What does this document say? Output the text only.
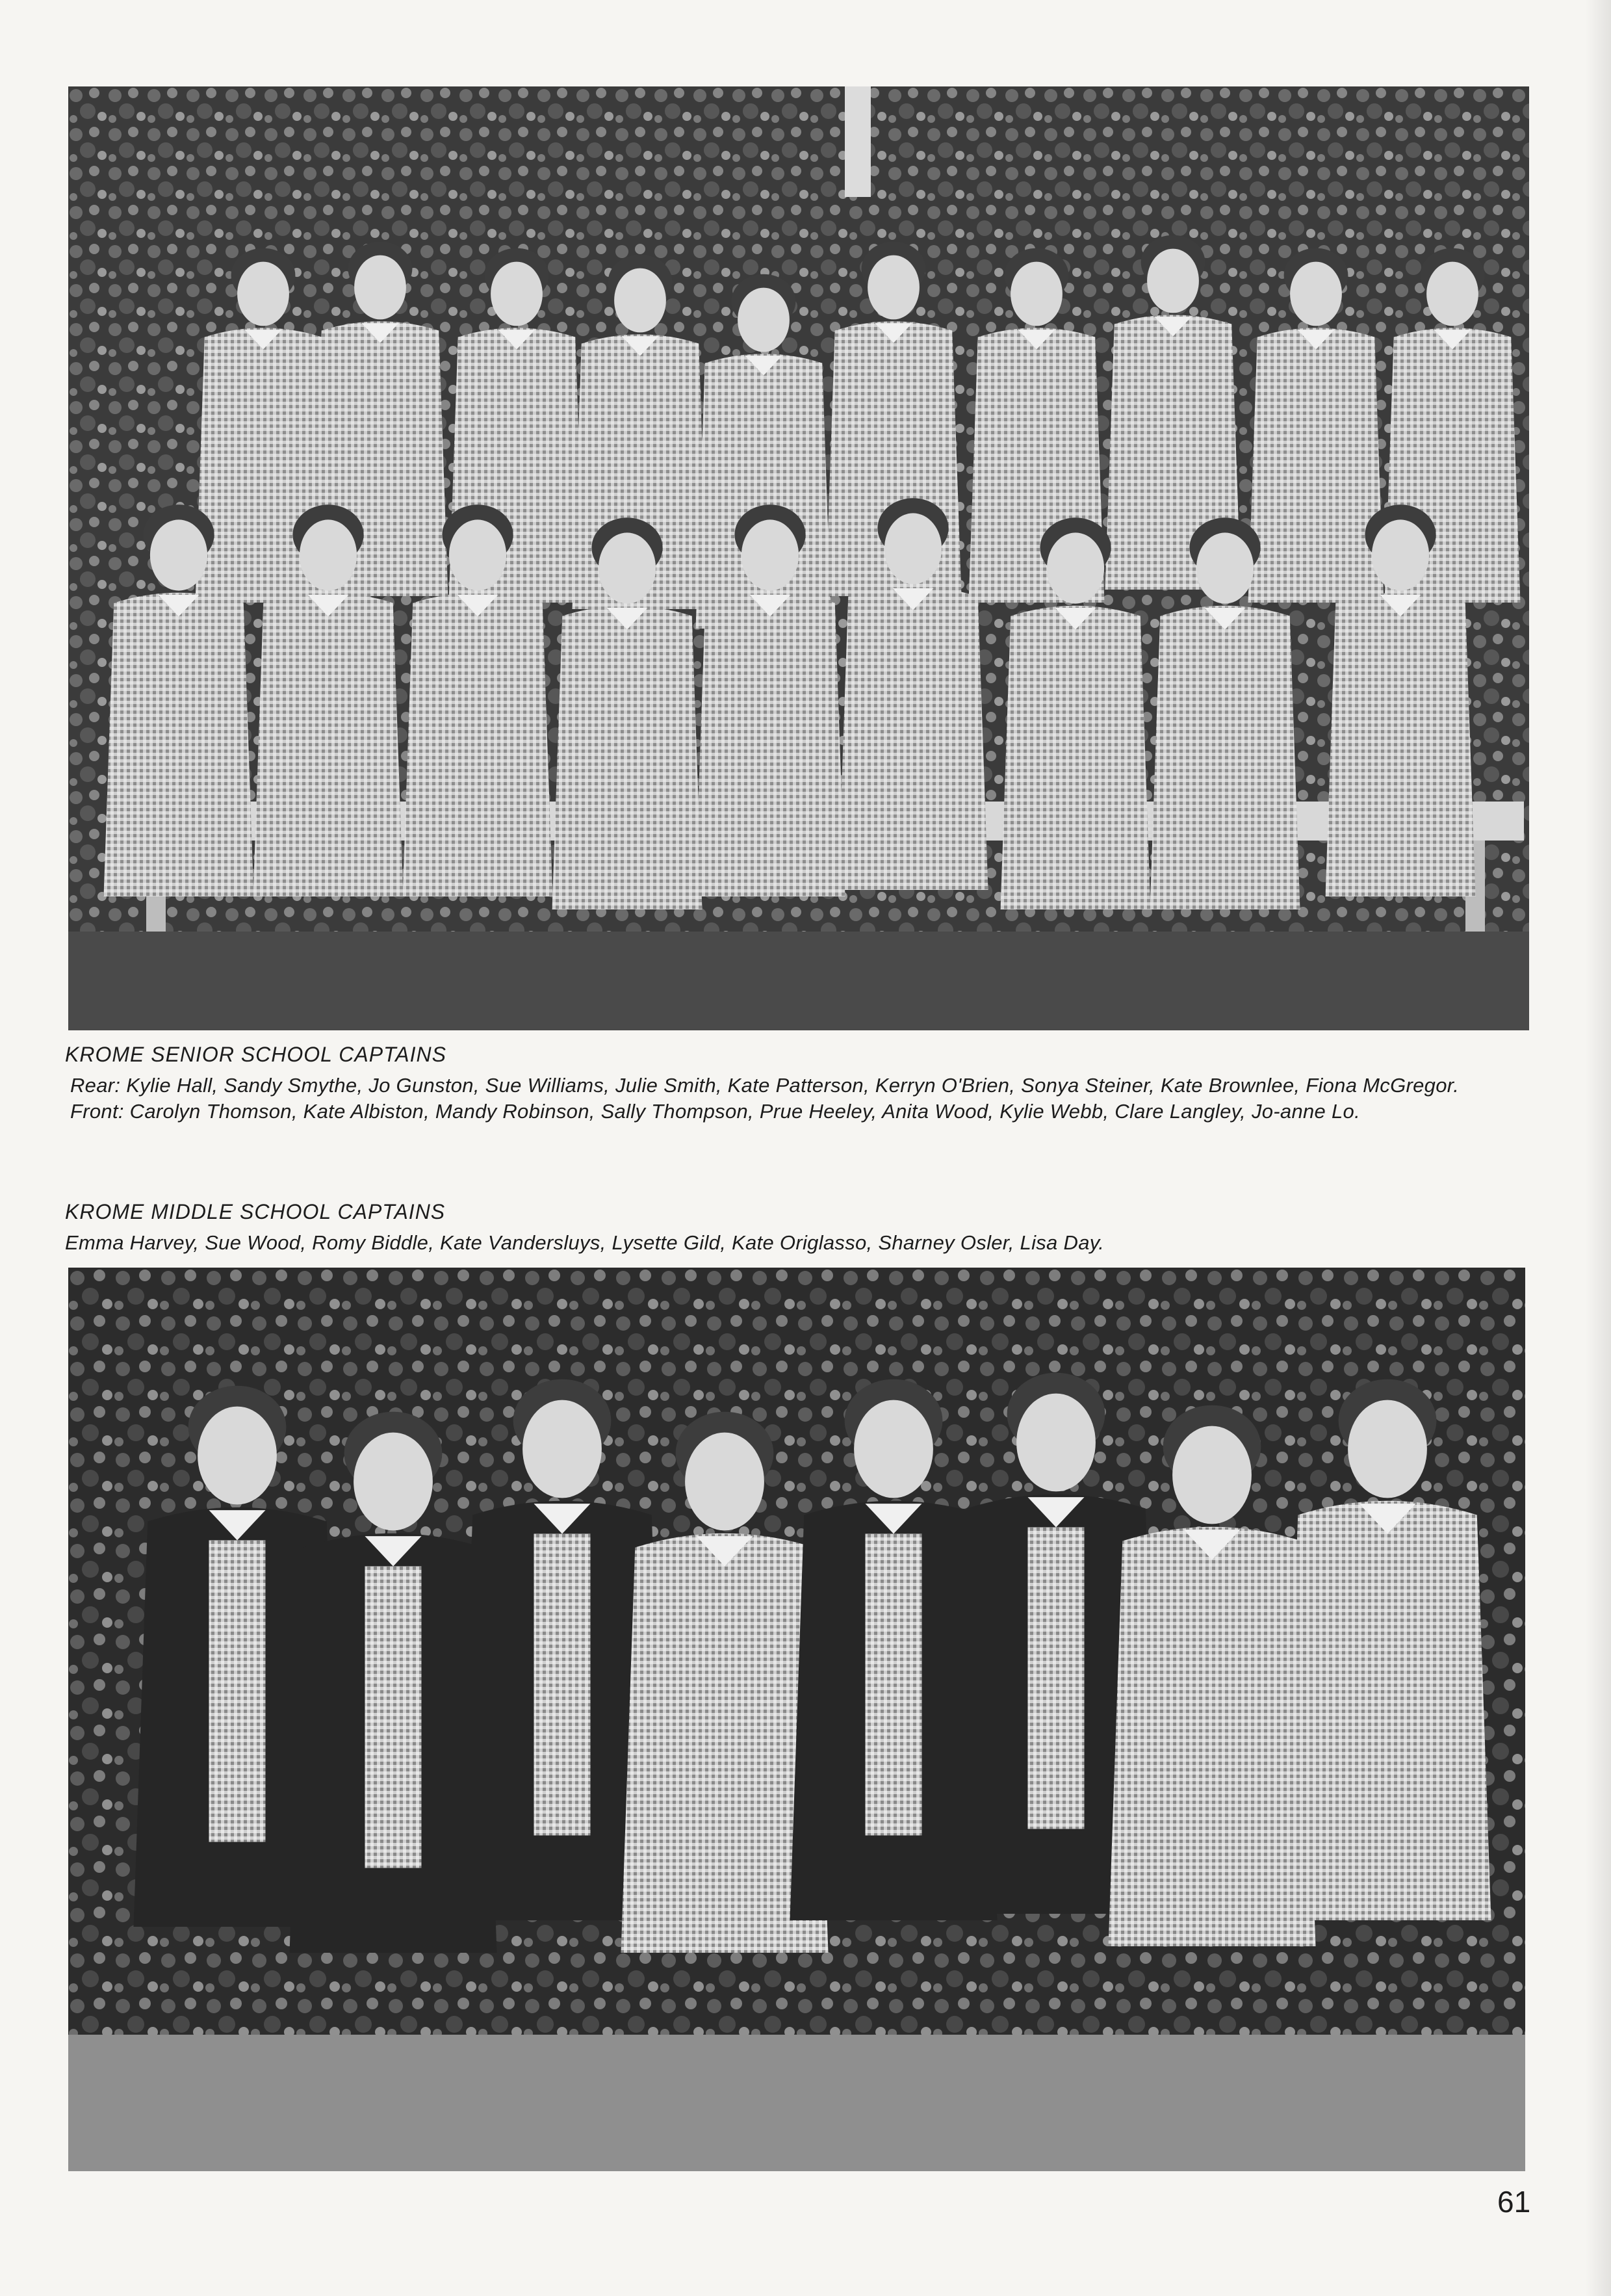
KROME SENIOR SCHOOL CAPTAINS

Rear: Kylie Hall, Sandy Smythe, Jo Gunston, Sue Williams, Julie Smith, Kate Patterson, Kerryn O'Brien, Sonya Steiner, Kate Brownlee, Fiona McGregor.

Front: Carolyn Thomson, Kate Albiston, Mandy Robinson, Sally Thompson, Prue Heeley, Anita Wood, Kylie Webb, Clare Langley, Jo-anne Lo.

KROME MIDDLE SCHOOL CAPTAINS

Emma Harvey, Sue Wood, Romy Biddle, Kate Vandersluys, Lysette Gild, Kate Origlasso, Sharney Osler, Lisa Day.

61
